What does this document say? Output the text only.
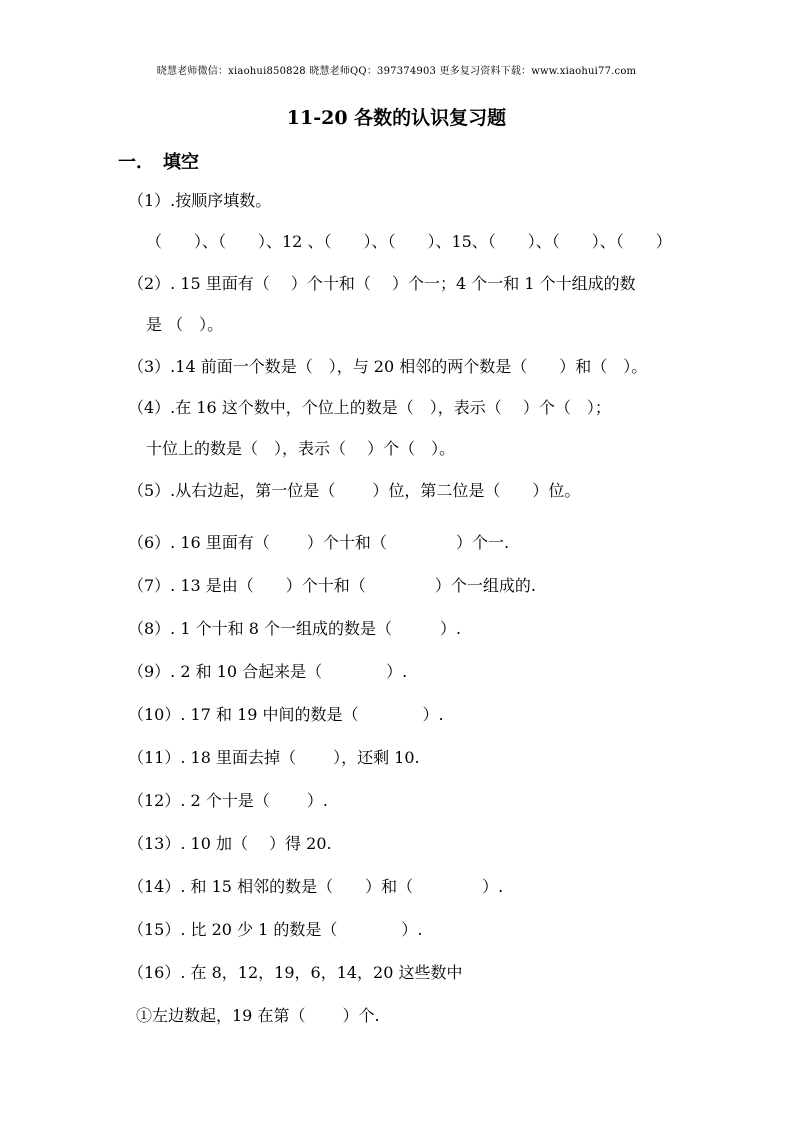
晓慧老师微信：xiaohui850828 晓慧老师QQ：397374903 更多复习资料下载：www.xiaohui77.com
11-20 各数的认识复习题
一．　填空
（1）.按顺序填数。
（　　）、（　　）、12 、（　　）、（　　）、15、（　　）、（　　）、（　　）
（2）. 15 里面有（　 ）个十和（　 ）个一；4 个一和 1 个十组成的数
是 （　）。
（3）.14 前面一个数是（　），与 20 相邻的两个数是（　　）和（　）。
（4）.在 16 这个数中，个位上的数是（　），表示（　 ）个（　）；
十位上的数是（　），表示（　 ）个（　）。
（5）.从右边起，第一位是（　　 ）位，第二位是（　　）位。
（6）. 16 里面有（　　 ）个十和（　　　　 ）个一.
（7）. 13 是由（　　）个十和（　　　　 ）个一组成的.
（8）. 1 个十和 8 个一组成的数是（　　　）.
（9）. 2 和 10 合起来是（　　　　）.
（10）. 17 和 19 中间的数是（　　　　）.
（11）. 18 里面去掉（　　 ），还剩 10.
（12）. 2 个十是（　　 ）.
（13）. 10 加（　 ）得 20.
（14）. 和 15 相邻的数是（　　）和（　　　　 ）.
（15）. 比 20 少 1 的数是（　　　　）.
（16）. 在 8，12，19，6，14，20 这些数中
①左边数起，19 在第（　　 ）个.
